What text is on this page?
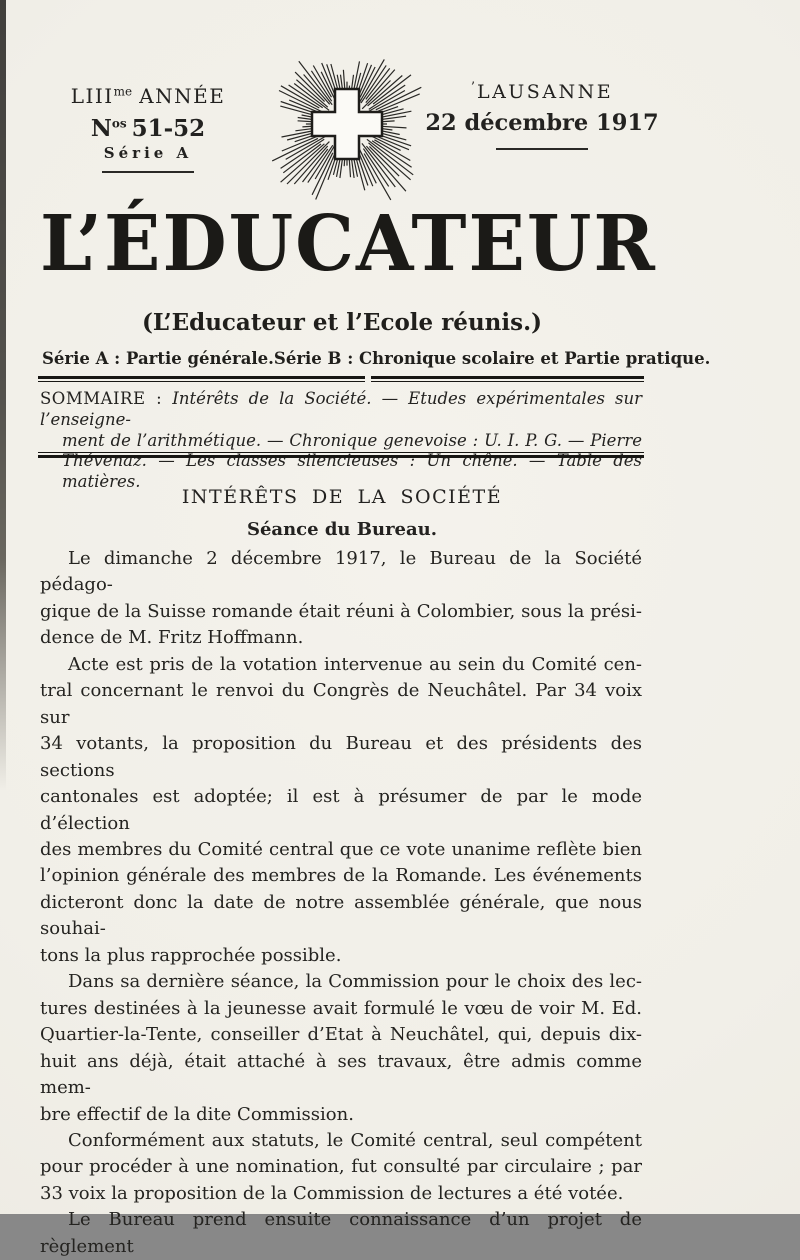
$LIII^{me}$ ANNÉE
$N^{os}$ 51-52
Série A
’ LAUSANNE
22 décembre 1917
L’ÉDUCATEUR
(L’Educateur et l’Ecole réunis.)
Série A : Partie générale. Série B : Chronique scolaire et Partie pratique.
SOMMAIRE : Intérêts de la Société. — Etudes expérimentales sur l’enseigne-
ment de l’arithmétique. — Chronique genevoise : U. I. P. G. — Pierre
Thévenaz. — Les classes silencieuses : Un chêne. — Table des matières.
INTÉRÊTS DE LA SOCIÉTÉ
Séance du Bureau.
Le dimanche 2 décembre 1917, le Bureau de la Société pédago-
gique de la Suisse romande était réuni à Colombier, sous la prési-
dence de M. Fritz Hoffmann.
Acte est pris de la votation intervenue au sein du Comité cen-
tral concernant le renvoi du Congrès de Neuchâtel. Par 34 voix sur
34 votants, la proposition du Bureau et des présidents des sections
cantonales est adoptée; il est à présumer de par le mode d’élection
des membres du Comité central que ce vote unanime reflète bien
l’opinion générale des membres de la Romande. Les événements
dicteront donc la date de notre assemblée générale, que nous souhai-
tons la plus rapprochée possible.
Dans sa dernière séance, la Commission pour le choix des lec-
tures destinées à la jeunesse avait formulé le vœu de voir M. Ed.
Quartier-la-Tente, conseiller d’Etat à Neuchâtel, qui, depuis dix-
huit ans déjà, était attaché à ses travaux, être admis comme mem-
bre effectif de la dite Commission.
Conformément aux statuts, le Comité central, seul compétent
pour procéder à une nomination, fut consulté par circulaire ; par
33 voix la proposition de la Commission de lectures a été votée.
Le Bureau prend ensuite connaissance d’un projet de règlement
